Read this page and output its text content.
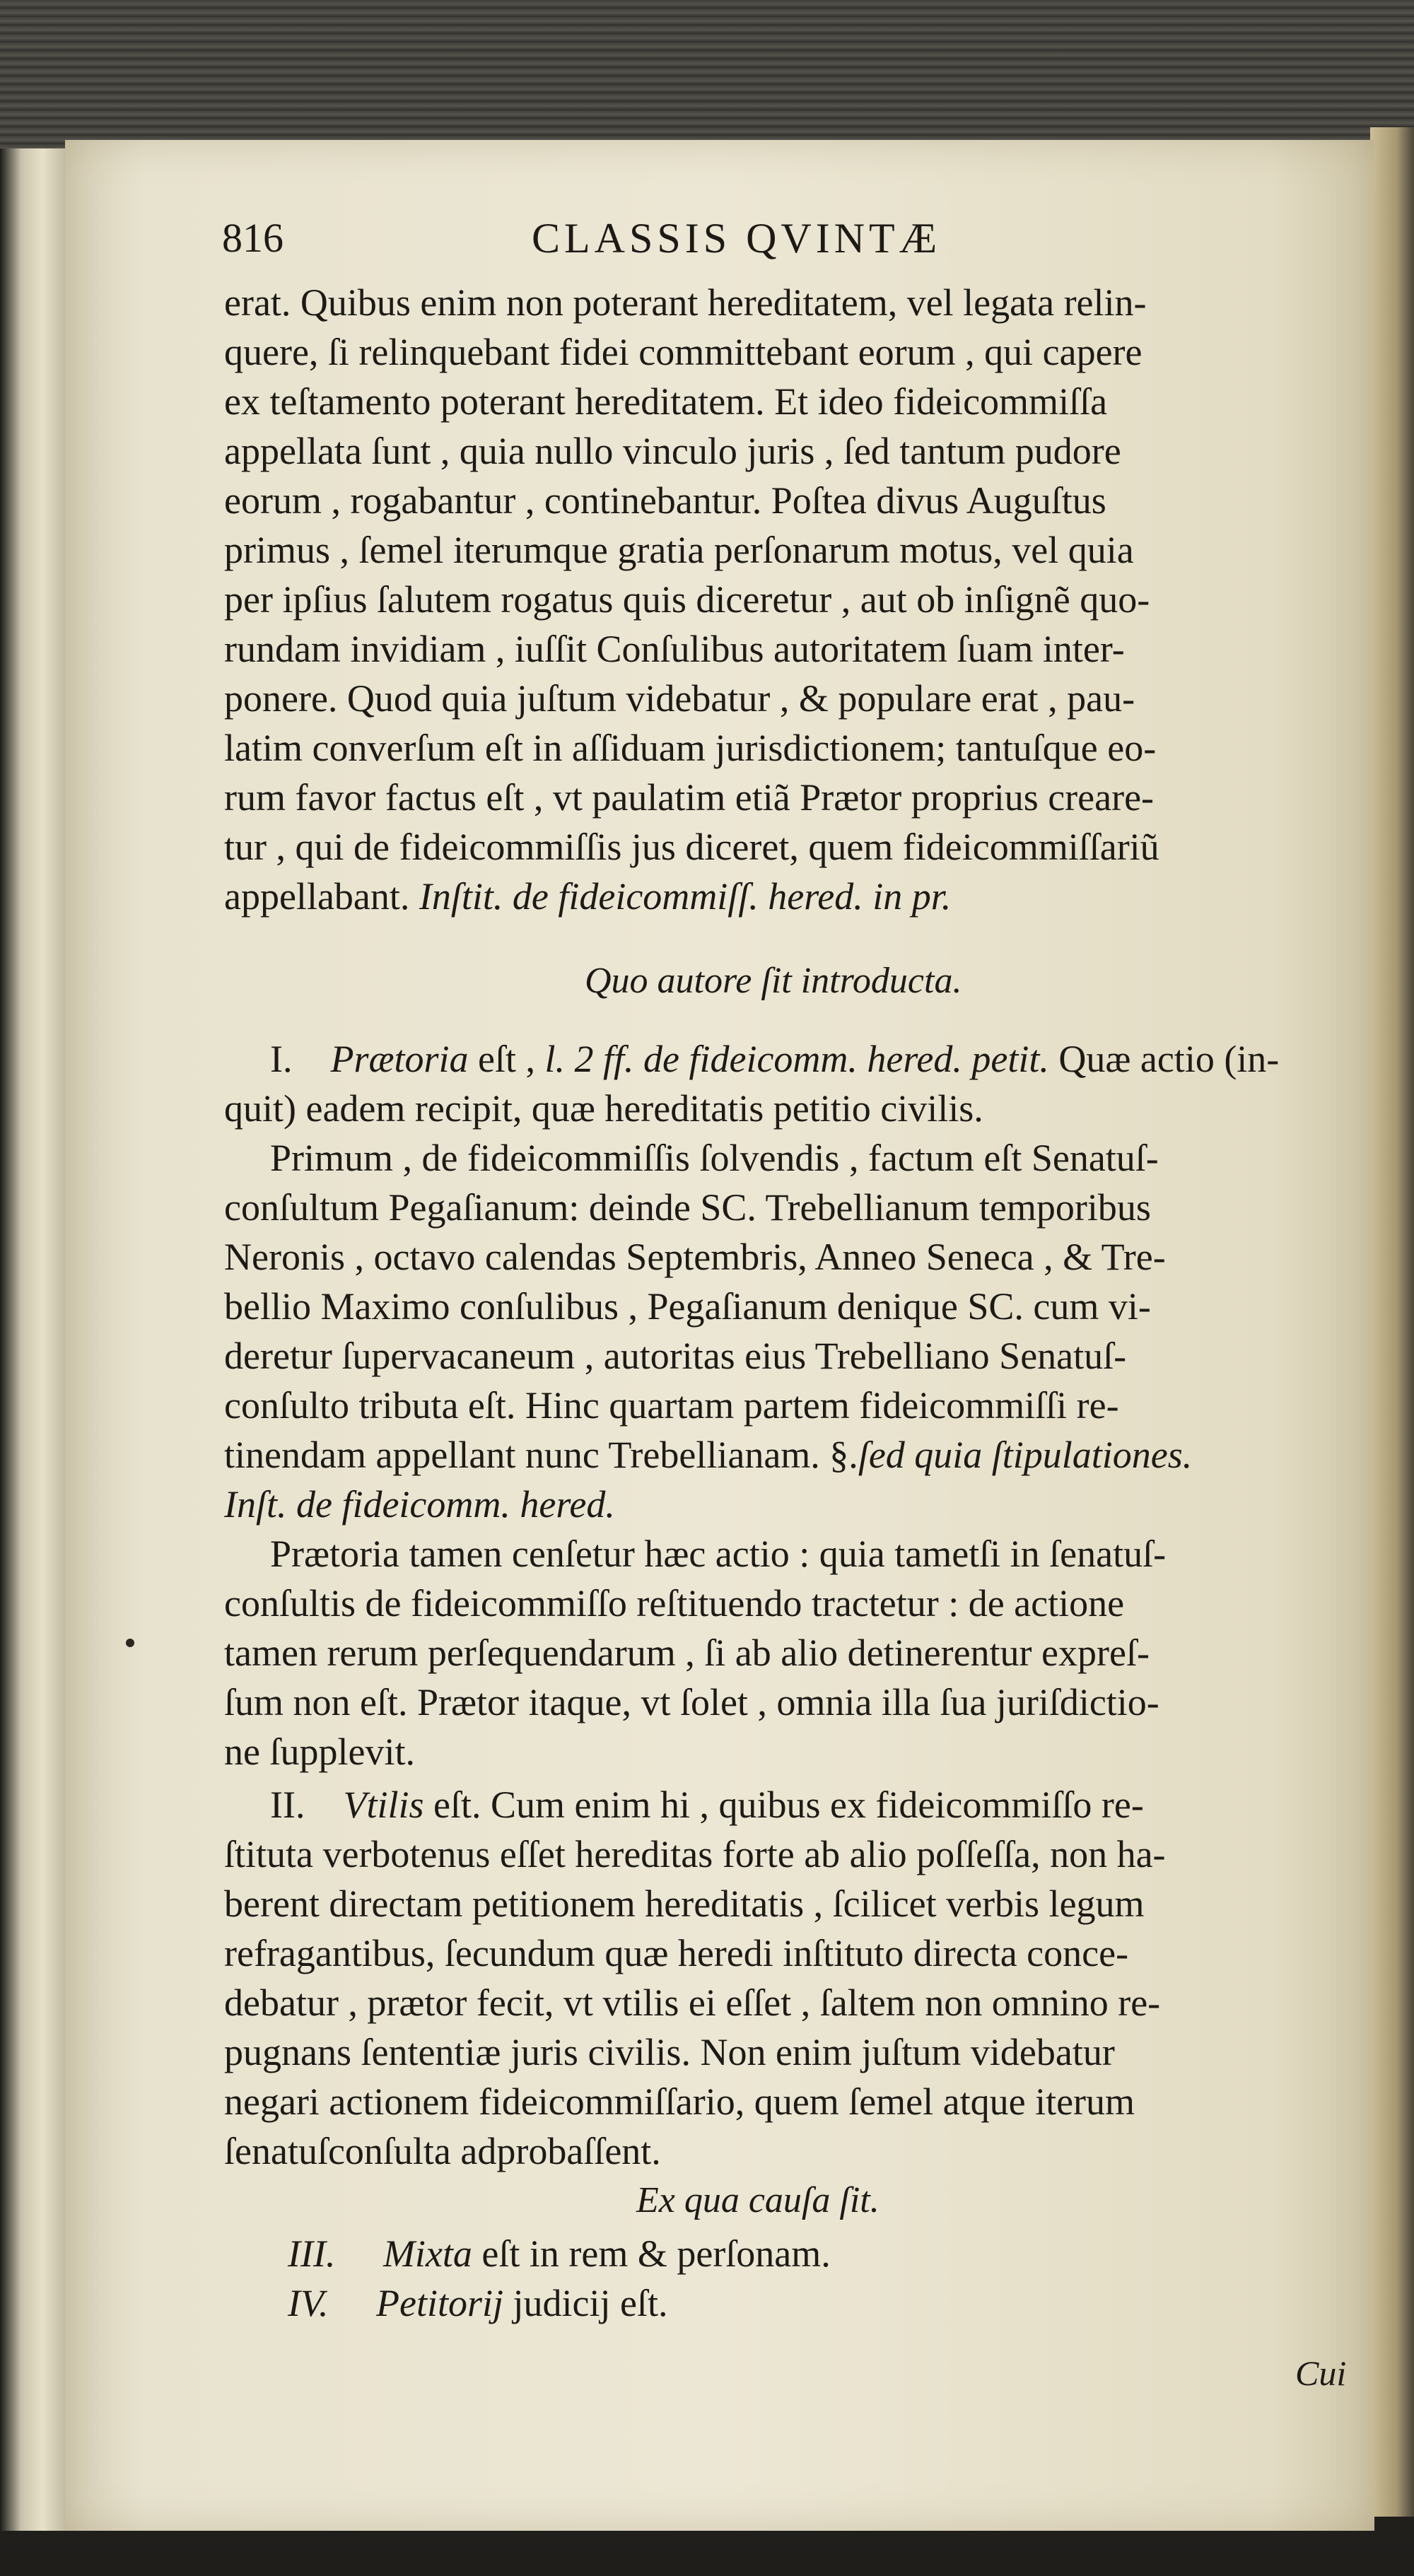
816	CLASSIS QVINTÆ
erat. Quibus enim non poterant hereditatem, vel legata relin-
quere, ſi relinquebant fidei committebant eorum , qui capere
ex teſtamento poterant hereditatem. Et ideo fideicommiſſa
appellata ſunt , quia nullo vinculo juris , ſed tantum pudore
eorum , rogabantur , continebantur. Poſtea divus Auguſtus
primus , ſemel iterumque gratia perſonarum motus, vel quia
per ipſius ſalutem rogatus quis diceretur , aut ob inſignẽ quo-
rundam invidiam , iuſſit Conſulibus autoritatem ſuam inter-
ponere. Quod quia juſtum videbatur , & populare erat , pau-
latim converſum eſt in aſſiduam jurisdictionem; tantuſque eo-
rum favor factus eſt , vt paulatim etiã Prætor proprius creare-
tur , qui de fideicommiſſis jus diceret, quem fideicommiſſariũ
appellabant. Inſtit. de fideicommiſſ. hered. in pr.
Quo autore ſit introducta.
I. Prætoria eſt , l. 2 ff. de fideicomm. hered. petit. Quæ actio (in-
quit) eadem recipit, quæ hereditatis petitio civilis.
Primum , de fideicommiſſis ſolvendis , factum eſt Senatuſ-
conſultum Pegaſianum: deinde SC. Trebellianum temporibus
Neronis , octavo calendas Septembris, Anneo Seneca , & Tre-
bellio Maximo conſulibus , Pegaſianum denique SC. cum vi-
deretur ſupervacaneum , autoritas eius Trebelliano Senatuſ-
conſulto tributa eſt. Hinc quartam partem fideicommiſſi re-
tinendam appellant nunc Trebellianam. §.ſed quia ſtipulationes.
Inſt. de fideicomm. hered.
Prætoria tamen cenſetur hæc actio : quia tametſi in ſenatuſ-
conſultis de fideicommiſſo reſtituendo tractetur : de actione
tamen rerum perſequendarum , ſi ab alio detinerentur expreſ-
ſum non eſt. Prætor itaque, vt ſolet , omnia illa ſua juriſdictio-
ne ſupplevit.
II. Vtilis eſt. Cum enim hi , quibus ex fideicommiſſo re-
ſtituta verbotenus eſſet hereditas forte ab alio poſſeſſa, non ha-
berent directam petitionem hereditatis , ſcilicet verbis legum
refragantibus, ſecundum quæ heredi inſtituto directa conce-
debatur , prætor fecit, vt vtilis ei eſſet , ſaltem non omnino re-
pugnans ſententiæ juris civilis. Non enim juſtum videbatur
negari actionem fideicommiſſario, quem ſemel atque iterum
ſenatuſconſulta adprobaſſent.
Ex qua cauſa ſit.
III. Mixta eſt in rem & perſonam.
IV. Petitorij judicij eſt.
Cui
